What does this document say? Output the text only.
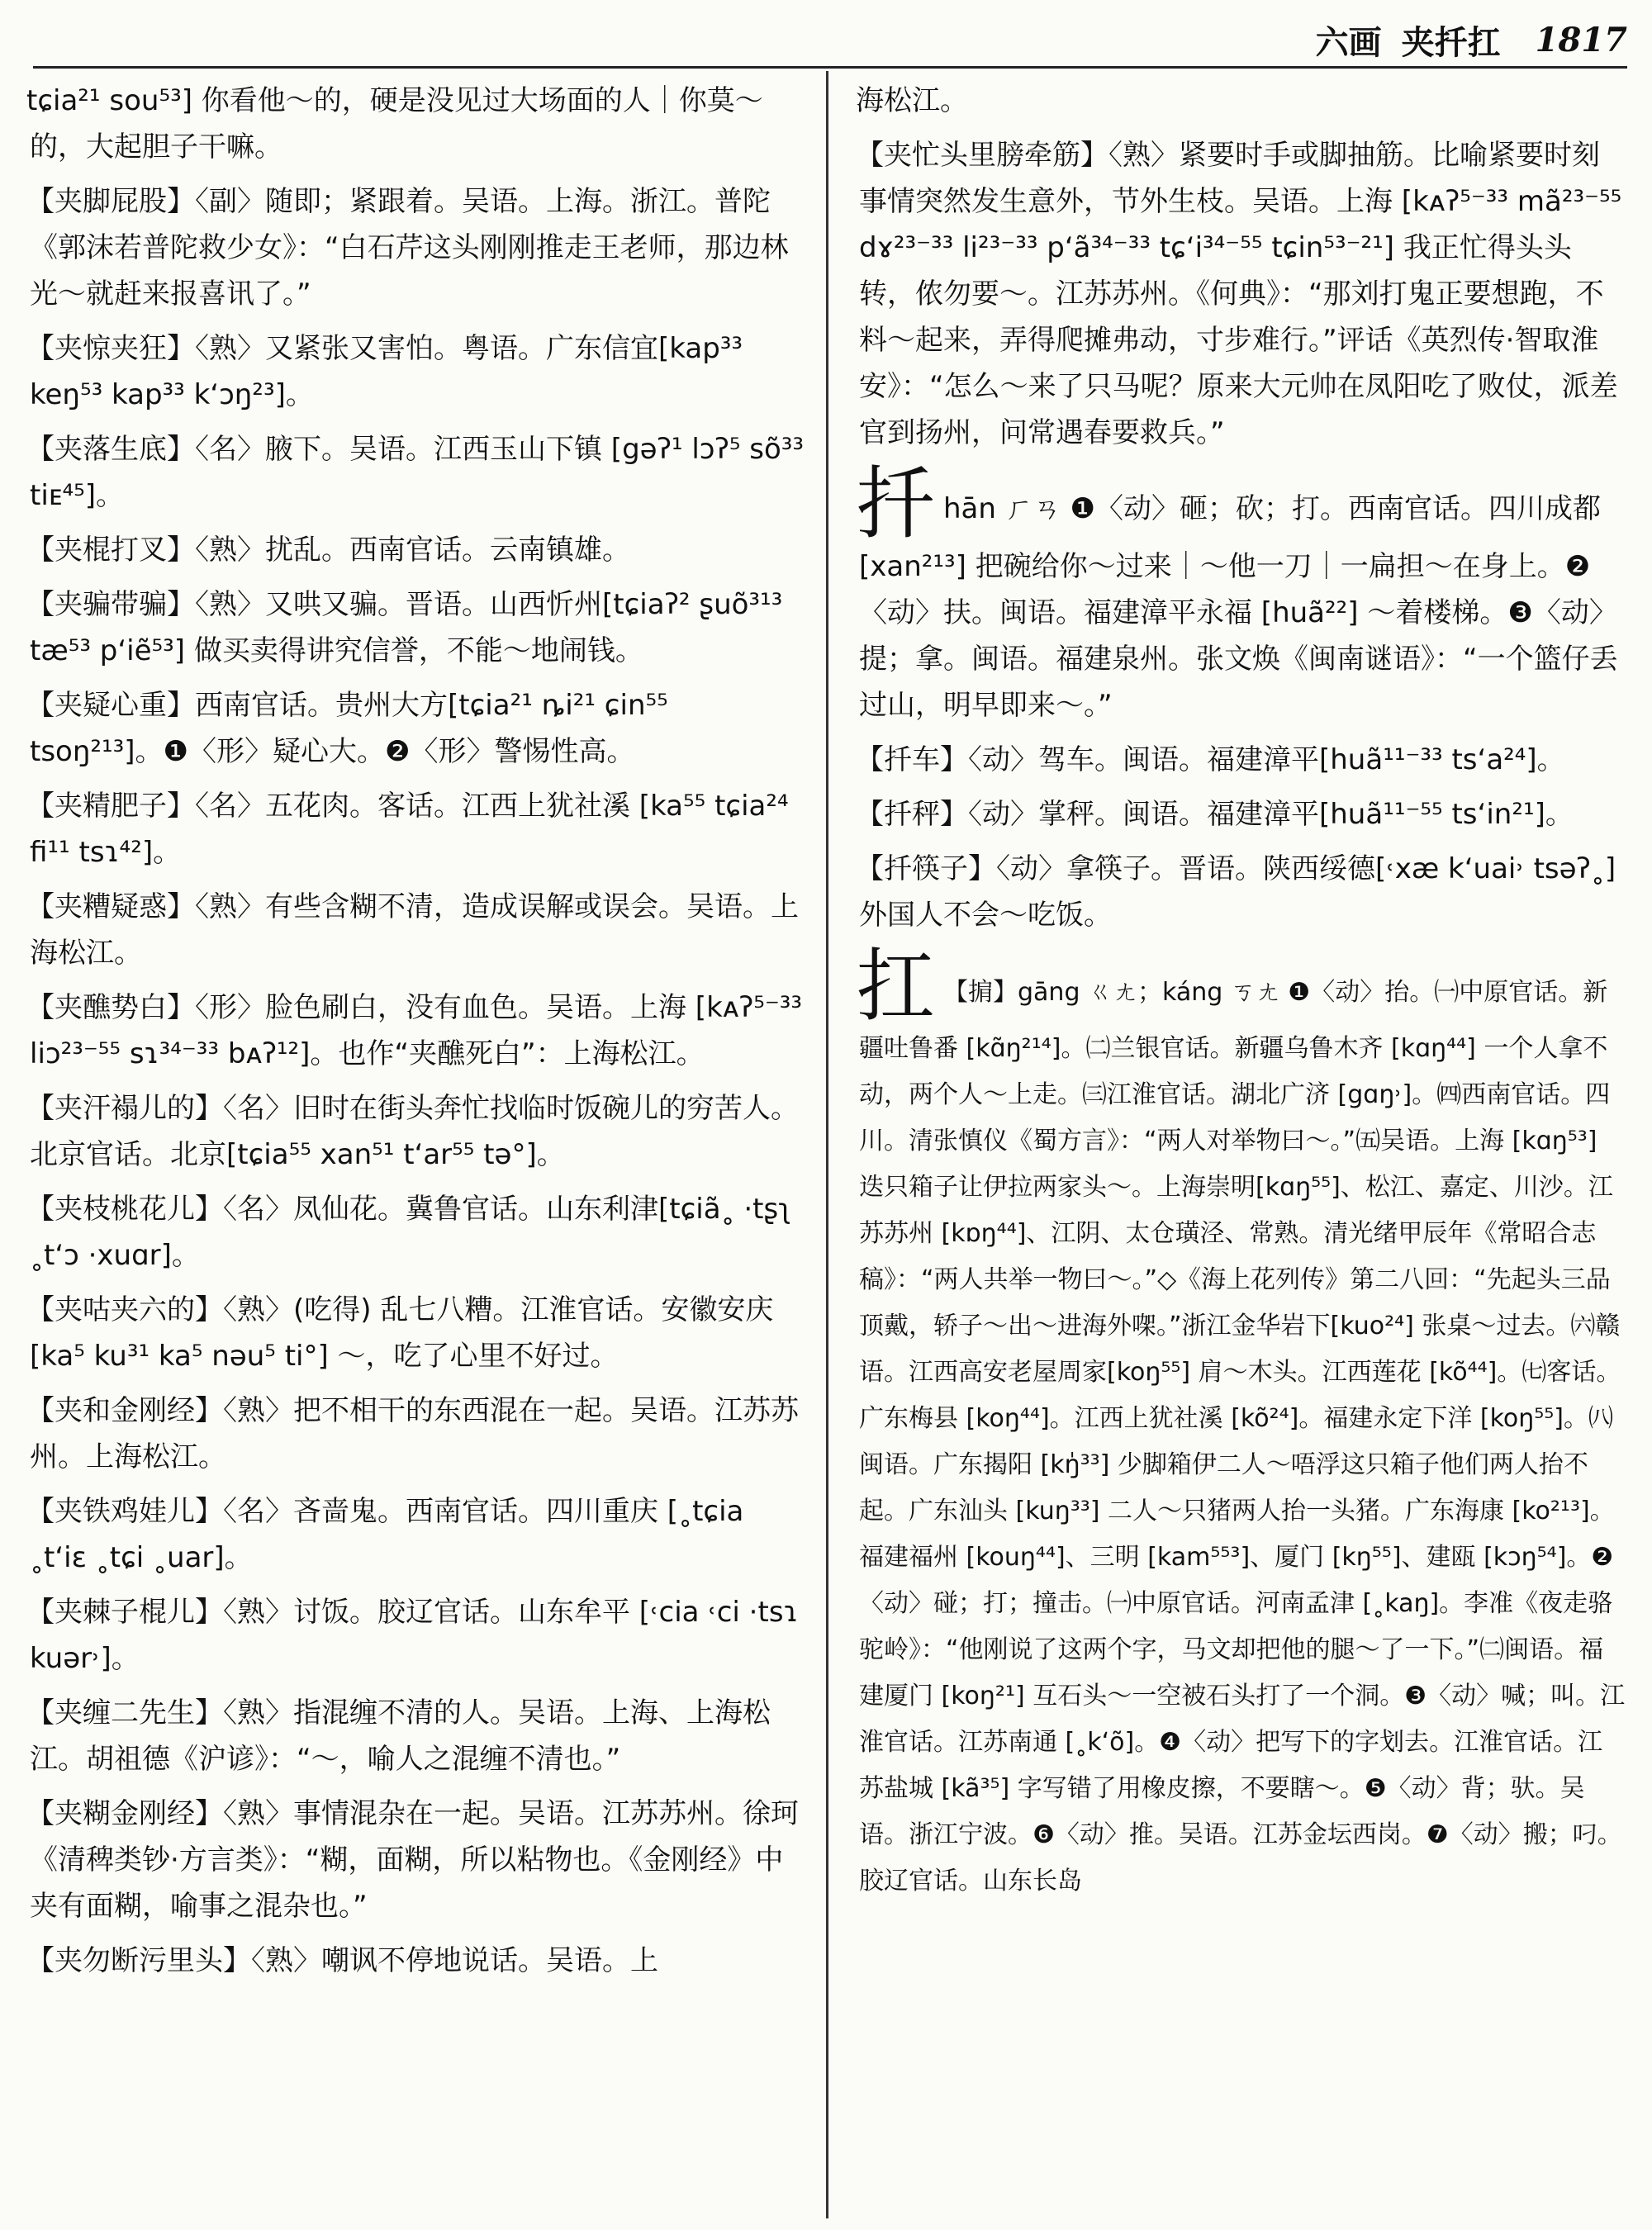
六画 夹扦扛 1817

tɕia²¹ sou⁵³] 你看他～的，硬是没见过大场面的人｜你莫～的，大起胆子干嘛。

【夹脚屁股】〈副〉随即；紧跟着。吴语。上海。浙江。普陀《郭沫若普陀救少女》：“白石芹这头刚刚推走王老师，那边林光～就赶来报喜讯了。”

【夹惊夹狂】〈熟〉又紧张又害怕。粤语。广东信宜[kap³³ keŋ⁵³ kap³³ k‘ɔŋ²³]。

【夹落生底】〈名〉腋下。吴语。江西玉山下镇 [gəʔ¹ lɔʔ⁵ sõ³³ tiᴇ⁴⁵]。

【夹棍打叉】〈熟〉扰乱。西南官话。云南镇雄。

【夹骗带骗】〈熟〉又哄又骗。晋语。山西忻州[tɕiaʔ² ʂuõ³¹³ tæ⁵³ p‘iẽ⁵³] 做买卖得讲究信誉，不能～地闹钱。

【夹疑心重】西南官话。贵州大方[tɕia²¹ ȵi²¹ ɕin⁵⁵ tsoŋ²¹³]。❶〈形〉疑心大。❷〈形〉警惕性高。

【夹精肥子】〈名〉五花肉。客话。江西上犹社溪 [ka⁵⁵ tɕia²⁴ fi¹¹ tsɿ⁴²]。

【夹糟疑惑】〈熟〉有些含糊不清，造成误解或误会。吴语。上海松江。

【夹醮势白】〈形〉脸色刷白，没有血色。吴语。上海 [kᴀʔ⁵⁻³³ liɔ²³⁻⁵⁵ sɿ³⁴⁻³³ bᴀʔ¹²]。也作“夹醮死白”：上海松江。

【夹汗褟儿的】〈名〉旧时在街头奔忙找临时饭碗儿的穷苦人。北京官话。北京[tɕia⁵⁵ xan⁵¹ t‘ar⁵⁵ tə°]。

【夹枝桃花儿】〈名〉凤仙花。冀鲁官话。山东利津[tɕiã˳ ·tʂʅ ˳t‘ɔ ·xuɑr]。

【夹咕夹六的】〈熟〉(吃得) 乱七八糟。江淮官话。安徽安庆 [ka⁵ ku³¹ ka⁵ nəu⁵ ti°] ～，吃了心里不好过。

【夹和金刚经】〈熟〉把不相干的东西混在一起。吴语。江苏苏州。上海松江。

【夹铁鸡娃儿】〈名〉吝啬鬼。西南官话。四川重庆 [˳tɕia ˳t‘iɛ ˳tɕi ˳uar]。

【夹棘子棍儿】〈熟〉讨饭。胶辽官话。山东牟平 [˓cia ˓ci ·tsɿ kuər˒]。

【夹缠二先生】〈熟〉指混缠不清的人。吴语。上海、上海松江。胡祖德《沪谚》：“～，喻人之混缠不清也。”

【夹糊金刚经】〈熟〉事情混杂在一起。吴语。江苏苏州。徐珂《清稗类钞·方言类》：“糊，面糊，所以粘物也。《金刚经》中夹有面糊，喻事之混杂也。”

【夹勿断污里头】〈熟〉嘲讽不停地说话。吴语。上

海松江。

【夹忙头里膀牵筋】〈熟〉紧要时手或脚抽筋。比喻紧要时刻事情突然发生意外，节外生枝。吴语。上海 [kᴀʔ⁵⁻³³ mã²³⁻⁵⁵ dɤ²³⁻³³ li²³⁻³³ p‘ã³⁴⁻³³ tɕ‘i³⁴⁻⁵⁵ tɕin⁵³⁻²¹] 我正忙得头头转，侬勿要～。江苏苏州。《何典》：“那刘打鬼正要想跑，不料～起来，弄得爬摊弗动，寸步难行。”评话《英烈传·智取淮安》：“怎么～来了只马呢？原来大元帅在凤阳吃了败仗，派差官到扬州，问常遇春要救兵。”

扦hān ㄏㄢ ❶〈动〉砸；砍；打。西南官话。四川成都 [xan²¹³] 把碗给你～过来｜～他一刀｜一扁担～在身上。❷〈动〉扶。闽语。福建漳平永福 [huã²²] ～着楼梯。❸〈动〉提；拿。闽语。福建泉州。张文焕《闽南谜语》：“一个篮仔丢过山，明早即来～。”

【扦车】〈动〉驾车。闽语。福建漳平[huã¹¹⁻³³ ts‘a²⁴]。

【扦秤】〈动〉掌秤。闽语。福建漳平[huã¹¹⁻⁵⁵ ts‘in²¹]。

【扦筷子】〈动〉拿筷子。晋语。陕西绥德[˓xæ k‘uai˒ tsəʔ˳] 外国人不会～吃饭。

扛 【掮】gāng ㄍㄤ；káng ㄎㄤ ❶〈动〉抬。㈠中原官话。新疆吐鲁番 [kɑ̃ŋ²¹⁴]。㈡兰银官话。新疆乌鲁木齐 [kɑŋ⁴⁴] 一个人拿不动，两个人～上走。㈢江淮官话。湖北广济 [gɑŋ˒]。㈣西南官话。四川。清张慎仪《蜀方言》：“两人对举物曰～。”㈤吴语。上海 [kɑŋ⁵³] 迭只箱子让伊拉两家头～。上海崇明[kɑŋ⁵⁵]、松江、嘉定、川沙。江苏苏州 [kɒŋ⁴⁴]、江阴、太仓璜泾、常熟。清光绪甲辰年《常昭合志稿》：“两人共举一物曰～。”◇《海上花列传》第二八回：“先起头三品顶戴，轿子～出～进海外㗎。”浙江金华岩下[kuo²⁴] 张桌～过去。㈥赣语。江西高安老屋周家[koŋ⁵⁵] 肩～木头。江西莲花 [kõ⁴⁴]。㈦客话。广东梅县 [koŋ⁴⁴]。江西上犹社溪 [kõ²⁴]。福建永定下洋 [koŋ⁵⁵]。㈧闽语。广东揭阳 [kŋ̍³³] 少脚箱伊二人～唔浮这只箱子他们两人抬不起。广东汕头 [kuŋ³³] 二人～只猪两人抬一头猪。广东海康 [ko²¹³]。福建福州 [kouŋ⁴⁴]、三明 [kam⁵⁵³]、厦门 [kŋ⁵⁵]、建瓯 [kɔŋ⁵⁴]。❷〈动〉碰；打；撞击。㈠中原官话。河南孟津 [˳kaŋ]。李准《夜走骆驼岭》：“他刚说了这两个字，马文却把他的腿～了一下。”㈡闽语。福建厦门 [koŋ²¹] 互石头～一空被石头打了一个洞。❸〈动〉喊；叫。江淮官话。江苏南通 [˳k‘õ]。❹〈动〉把写下的字划去。江淮官话。江苏盐城 [kã³⁵] 字写错了用橡皮擦，不要瞎～。❺〈动〉背；驮。吴语。浙江宁波。❻〈动〉推。吴语。江苏金坛西岗。❼〈动〉搬；叼。胶辽官话。山东长岛
